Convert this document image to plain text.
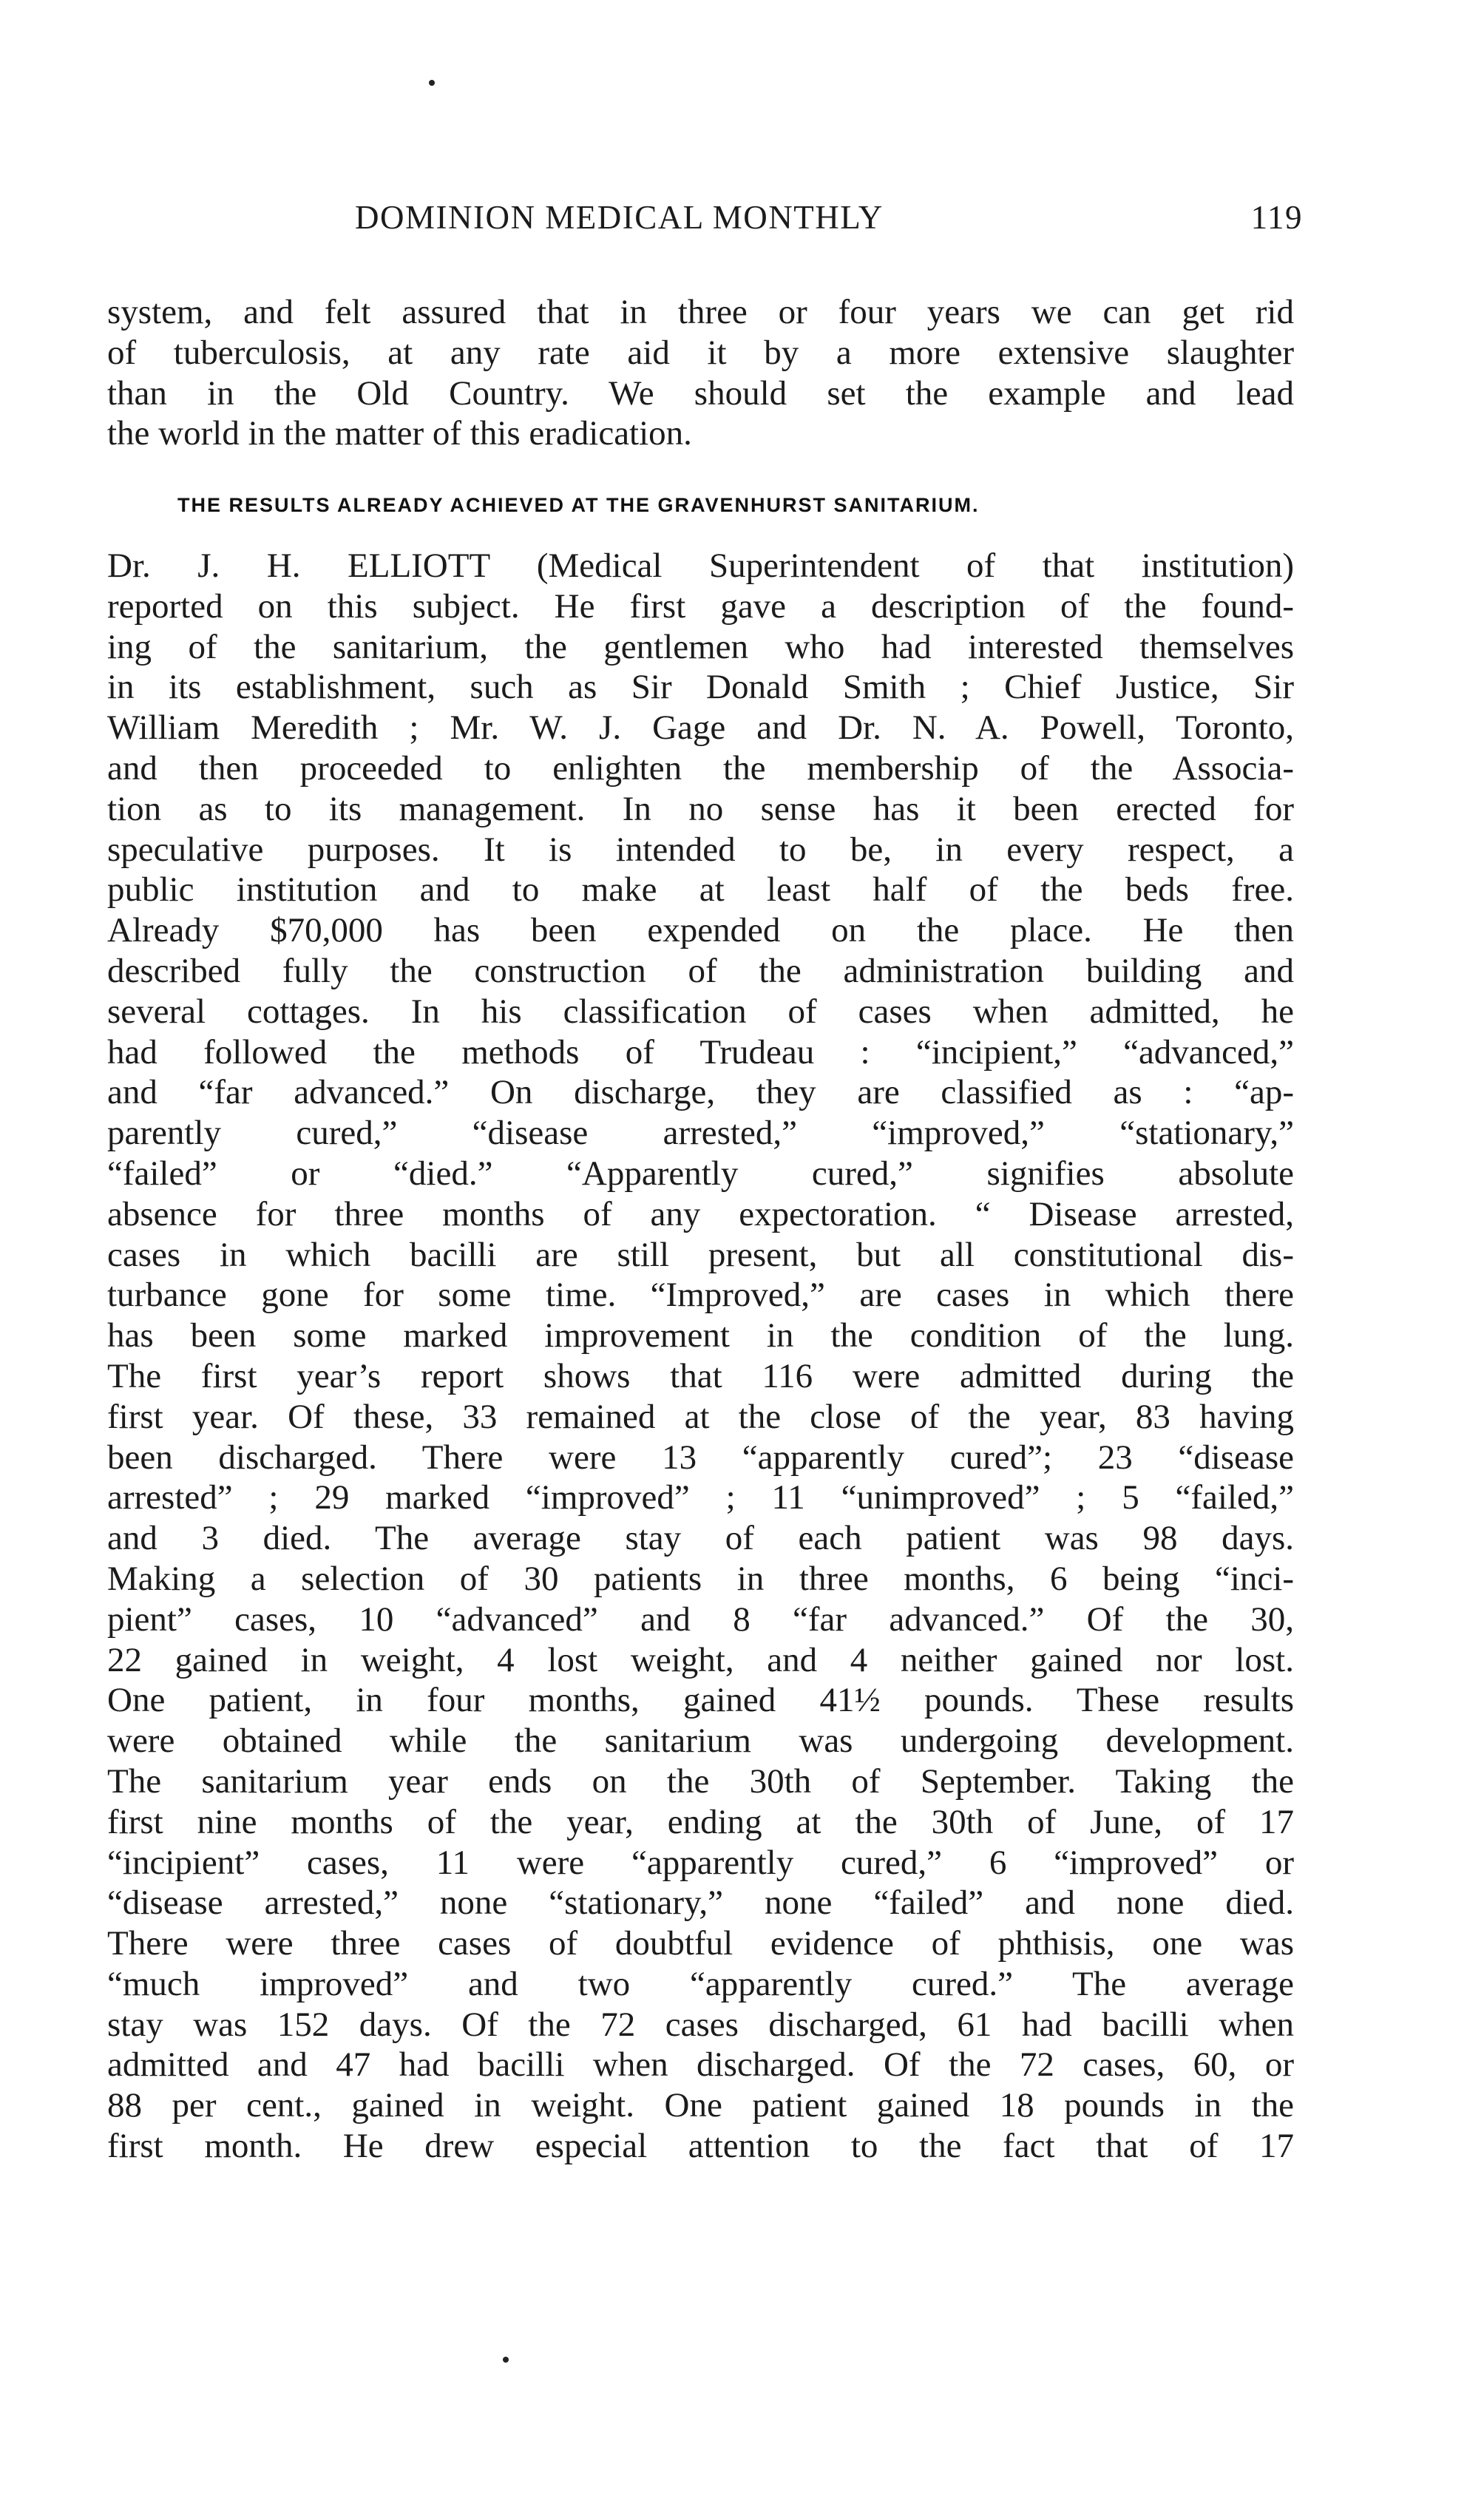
DOMINION MEDICAL MONTHLY	119
system, and felt assured that in three or four years we can get rid
of tuberculosis, at any rate aid it by a more extensive slaughter
than in the Old Country. We should set the example and lead
the world in the matter of this eradication.
THE RESULTS ALREADY ACHIEVED AT THE GRAVENHURST SANITARIUM.
Dr. J. H. ELLIOTT (Medical Superintendent of that institution)
reported on this subject. He first gave a description of the found-
ing of the sanitarium, the gentlemen who had interested themselves
in its establishment, such as Sir Donald Smith ; Chief Justice, Sir
William Meredith ; Mr. W. J. Gage and Dr. N. A. Powell, Toronto,
and then proceeded to enlighten the membership of the Associa-
tion as to its management. In no sense has it been erected for
speculative purposes. It is intended to be, in every respect, a
public institution and to make at least half of the beds free.
Already $70,000 has been expended on the place. He then
described fully the construction of the administration building and
several cottages. In his classification of cases when admitted, he
had followed the methods of Trudeau : “incipient,” “advanced,”
and “far advanced.” On discharge, they are classified as : “ap-
parently cured,” “disease arrested,” “improved,” “stationary,”
“failed” or “died.” “Apparently cured,” signifies absolute
absence for three months of any expectoration. “ Disease arrested,
cases in which bacilli are still present, but all constitutional dis-
turbance gone for some time. “Improved,” are cases in which there
has been some marked improvement in the condition of the lung.
The first year’s report shows that 116 were admitted during the
first year. Of these, 33 remained at the close of the year, 83 having
been discharged. There were 13 “apparently cured”; 23 “disease
arrested” ; 29 marked “improved” ; 11 “unimproved” ; 5 “failed,”
and 3 died. The average stay of each patient was 98 days.
Making a selection of 30 patients in three months, 6 being “inci-
pient” cases, 10 “advanced” and 8 “far advanced.” Of the 30,
22 gained in weight, 4 lost weight, and 4 neither gained nor lost.
One patient, in four months, gained 41½ pounds. These results
were obtained while the sanitarium was undergoing development.
The sanitarium year ends on the 30th of September. Taking the
first nine months of the year, ending at the 30th of June, of 17
“incipient” cases, 11 were “apparently cured,” 6 “improved” or
“disease arrested,” none “stationary,” none “failed” and none died.
There were three cases of doubtful evidence of phthisis, one was
“much improved” and two “apparently cured.” The average
stay was 152 days. Of the 72 cases discharged, 61 had bacilli when
admitted and 47 had bacilli when discharged. Of the 72 cases, 60, or
88 per cent., gained in weight. One patient gained 18 pounds in the
first month. He drew especial attention to the fact that of 17
